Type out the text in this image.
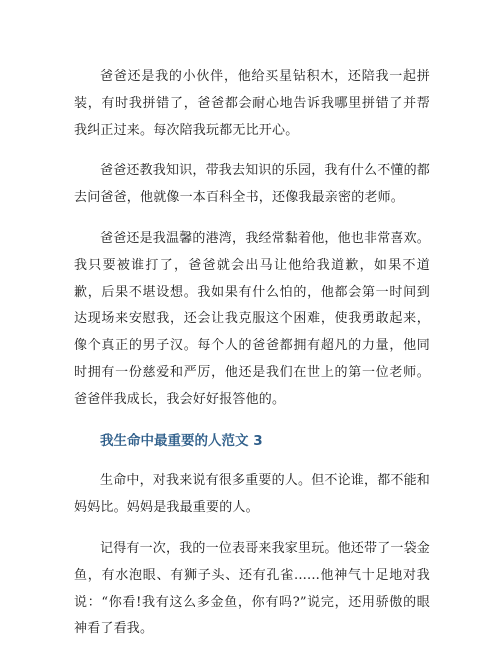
爸爸还是我的小伙伴，他给买星钻积木，还陪我一起拼装，有时我拼错了，爸爸都会耐心地告诉我哪里拼错了并帮我纠正过来。每次陪我玩都无比开心。

爸爸还教我知识，带我去知识的乐园，我有什么不懂的都去问爸爸，他就像一本百科全书，还像我最亲密的老师。

爸爸还是我温馨的港湾，我经常黏着他，他也非常喜欢。我只要被谁打了，爸爸就会出马让他给我道歉，如果不道歉，后果不堪设想。我如果有什么怕的，他都会第一时间到达现场来安慰我，还会让我克服这个困难，使我勇敢起来，像个真正的男子汉。每个人的爸爸都拥有超凡的力量，他同时拥有一份慈爱和严厉，他还是我们在世上的第一位老师。爸爸伴我成长，我会好好报答他的。

我生命中最重要的人范文 3

生命中，对我来说有很多重要的人。但不论谁，都不能和妈妈比。妈妈是我最重要的人。

记得有一次，我的一位表哥来我家里玩。他还带了一袋金鱼，有水泡眼、有狮子头、还有孔雀......他神气十足地对我说：“你看!我有这么多金鱼，你有吗?”说完，还用骄傲的眼神看了看我。
